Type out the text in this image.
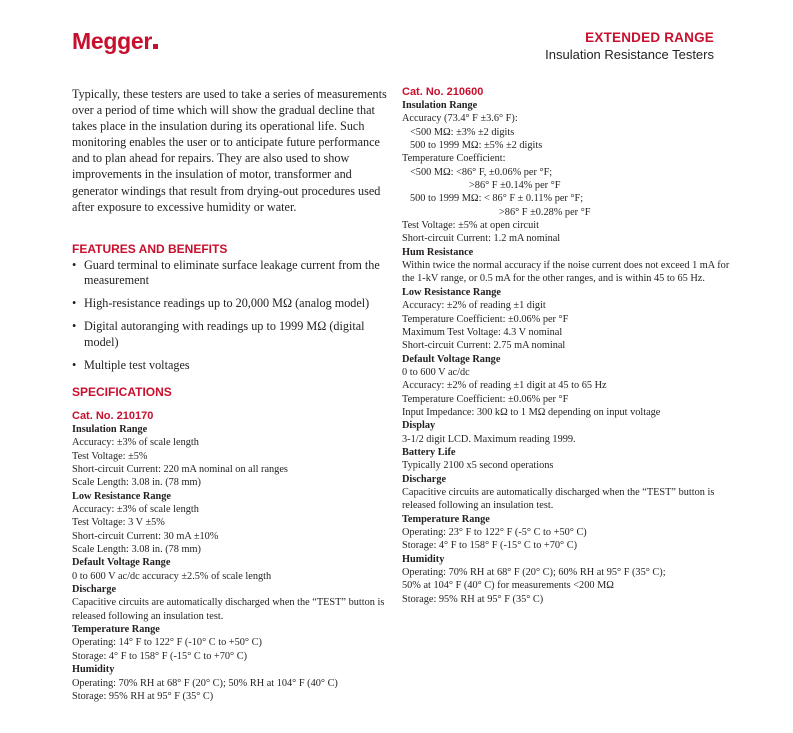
Megger	EXTENDED RANGE
Insulation Resistance Testers

Typically, these testers are used to take a series of measurements over a period of time which will show the gradual decline that takes place in the insulation during its operational life. Such monitoring enables the user or to anticipate future performance and to plan ahead for repairs. They are also used to show improvements in the insulation of motor, transformer and generator windings that result from drying-out procedures used after exposure to excessive humidity or water.

FEATURES AND BENEFITS
• Guard terminal to eliminate surface leakage current from the measurement
• High-resistance readings up to 20,000 MΩ (analog model)
• Digital autoranging with readings up to 1999 MΩ (digital model)
• Multiple test voltages
SPECIFICATIONS
Cat. No. 210170
Insulation Range
Accuracy: ±3% of scale length
Test Voltage: ±5%
Short-circuit Current: 220 mA nominal on all ranges
Scale Length: 3.08 in. (78 mm)
Low Resistance Range
Accuracy: ±3% of scale length
Test Voltage: 3 V ±5%
Short-circuit Current: 30 mA ±10%
Scale Length: 3.08 in. (78 mm)
Default Voltage Range
0 to 600 V ac/dc accuracy ±2.5% of scale length
Discharge
Capacitive circuits are automatically discharged when the “TEST” button is released following an insulation test.
Temperature Range
Operating: 14° F to 122° F (-10° C to +50° C)
Storage: 4° F to 158° F (-15° C to +70° C)
Humidity
Operating: 70% RH at 68° F (20° C); 50% RH at 104° F (40° C)
Storage: 95% RH at 95° F (35° C)
Cat. No. 210600
Insulation Range
Accuracy (73.4° F ±3.6° F):
<500 MΩ: ±3% ±2 digits
500 to 1999 MΩ: ±5% ±2 digits
Temperature Coefficient:
<500 MΩ: <86° F, ±0.06% per °F;
>86° F ±0.14% per °F
500 to 1999 MΩ: < 86° F ± 0.11% per °F;
>86° F ±0.28% per °F
Test Voltage: ±5% at open circuit
Short-circuit Current: 1.2 mA nominal
Hum Resistance
Within twice the normal accuracy if the noise current does not exceed 1 mA for the 1-kV range, or 0.5 mA for the other ranges, and is within 45 to 65 Hz.
Low Resistance Range
Accuracy: ±2% of reading ±1 digit
Temperature Coefficient: ±0.06% per °F
Maximum Test Voltage: 4.3 V nominal
Short-circuit Current: 2.75 mA nominal
Default Voltage Range
0 to 600 V ac/dc
Accuracy: ±2% of reading ±1 digit at 45 to 65 Hz
Temperature Coefficient: ±0.06% per °F
Input Impedance: 300 kΩ to 1 MΩ depending on input voltage
Display
3-1/2 digit LCD. Maximum reading 1999.
Battery Life
Typically 2100 x5 second operations
Discharge
Capacitive circuits are automatically discharged when the “TEST” button is released following an insulation test.
Temperature Range
Operating: 23° F to 122° F (-5° C to +50° C)
Storage: 4° F to 158° F (-15° C to +70° C)
Humidity
Operating: 70% RH at 68° F (20° C); 60% RH at 95° F (35° C);
50% at 104° F (40° C) for measurements <200 MΩ
Storage: 95% RH at 95° F (35° C)
